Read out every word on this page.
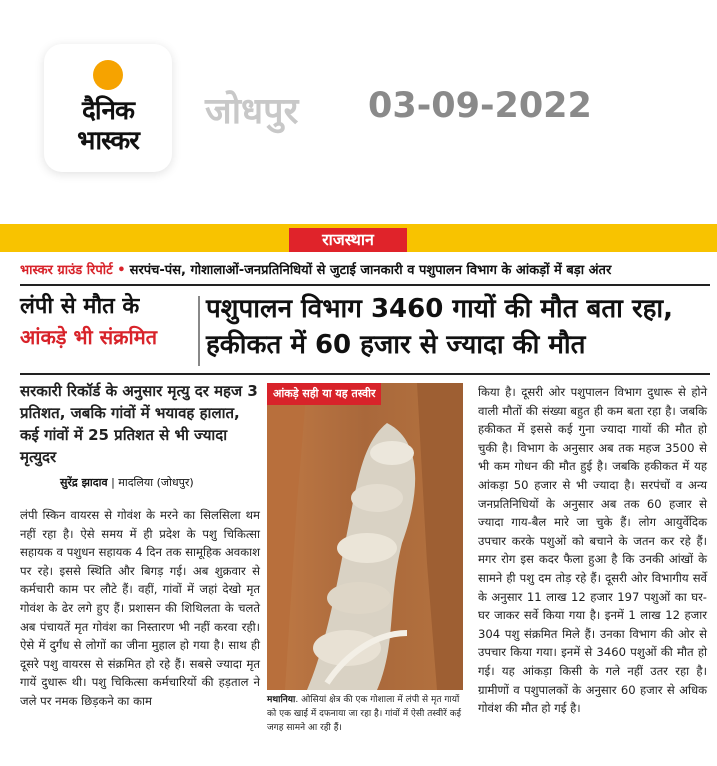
दैनिक
भास्कर
जोधपुर 03-09-2022
राजस्थान
भास्कर ग्राउंड रिपोर्ट • सरपंच-पंस, गोशालाओं-जनप्रतिनिधियों से जुटाई जानकारी व पशुपालन विभाग के आंकड़ों में बड़ा अंतर
लंपी से मौत के
आंकड़े भी संक्रमित
पशुपालन विभाग 3460 गायों की मौत बता रहा, हकीकत में 60 हजार से ज्यादा की मौत
सरकारी रिकॉर्ड के अनुसार मृत्यु दर महज 3 प्रतिशत, जबकि गांवों में भयावह हालात, कई गांवों में 25 प्रतिशत से भी ज्यादा मृत्युदर
सुरेंद्र झादाव | मादलिया (जोधपुर)
लंपी स्किन वायरस से गोवंश के मरने का सिलसिला थम नहीं रहा है। ऐसे समय में ही प्रदेश के पशु चिकित्सा सहायक व पशुधन सहायक 4 दिन तक सामूहिक अवकाश पर रहे। इससे स्थिति और बिगड़ गई। अब शुक्रवार से कर्मचारी काम पर लौटे हैं। वहीं, गांवों में जहां देखो मृत गोवंश के ढेर लगे हुए हैं। प्रशासन की शिथिलता के चलते अब पंचायतें मृत गोवंश का निस्तारण भी नहीं करवा रही। ऐसे में दुर्गंध से लोगों का जीना मुहाल हो गया है। साथ ही दूसरे पशु वायरस से संक्रमित हो रहे हैं। सबसे ज्यादा मृत गायें दुधारू थी। पशु चिकित्सा कर्मचारियों की हड़ताल ने जले पर नमक छिड़कने का काम
आंकड़े सही या यह तस्वीर
मथानिया. ओसियां क्षेत्र की एक गोशाला में लंपी से मृत गायों को एक खाई में दफनाया जा रहा है। गांवों में ऐसी तस्वीरें कई जगह सामने आ रही हैं।
किया है। दूसरी ओर पशुपालन विभाग दुधारू से होने वाली मौतों की संख्या बहुत ही कम बता रहा है। जबकि हकीकत में इससे कई गुना ज्यादा गायों की मौत हो चुकी है। विभाग के अनुसार अब तक महज 3500 से भी कम गोधन की मौत हुई है। जबकि हकीकत में यह आंकड़ा 50 हजार से भी ज्यादा है। सरपंचों व अन्य जनप्रतिनिधियों के अनुसार अब तक 60 हजार से ज्यादा गाय-बैल मारे जा चुके हैं। लोग आयुर्वेदिक उपचार करके पशुओं को बचाने के जतन कर रहे हैं। मगर रोग इस कदर फैला हुआ है कि उनकी आंखों के सामने ही पशु दम तोड़ रहे हैं। दूसरी ओर विभागीय सर्वे के अनुसार 11 लाख 12 हजार 197 पशुओं का घर-घर जाकर सर्वे किया गया है। इनमें 1 लाख 12 हजार 304 पशु संक्रमित मिले हैं। उनका विभाग की ओर से उपचार किया गया। इनमें से 3460 पशुओं की मौत हो गई। यह आंकड़ा किसी के गले नहीं उतर रहा है। ग्रामीणों व पशुपालकों के अनुसार 60 हजार से अधिक गोवंश की मौत हो गई है।
